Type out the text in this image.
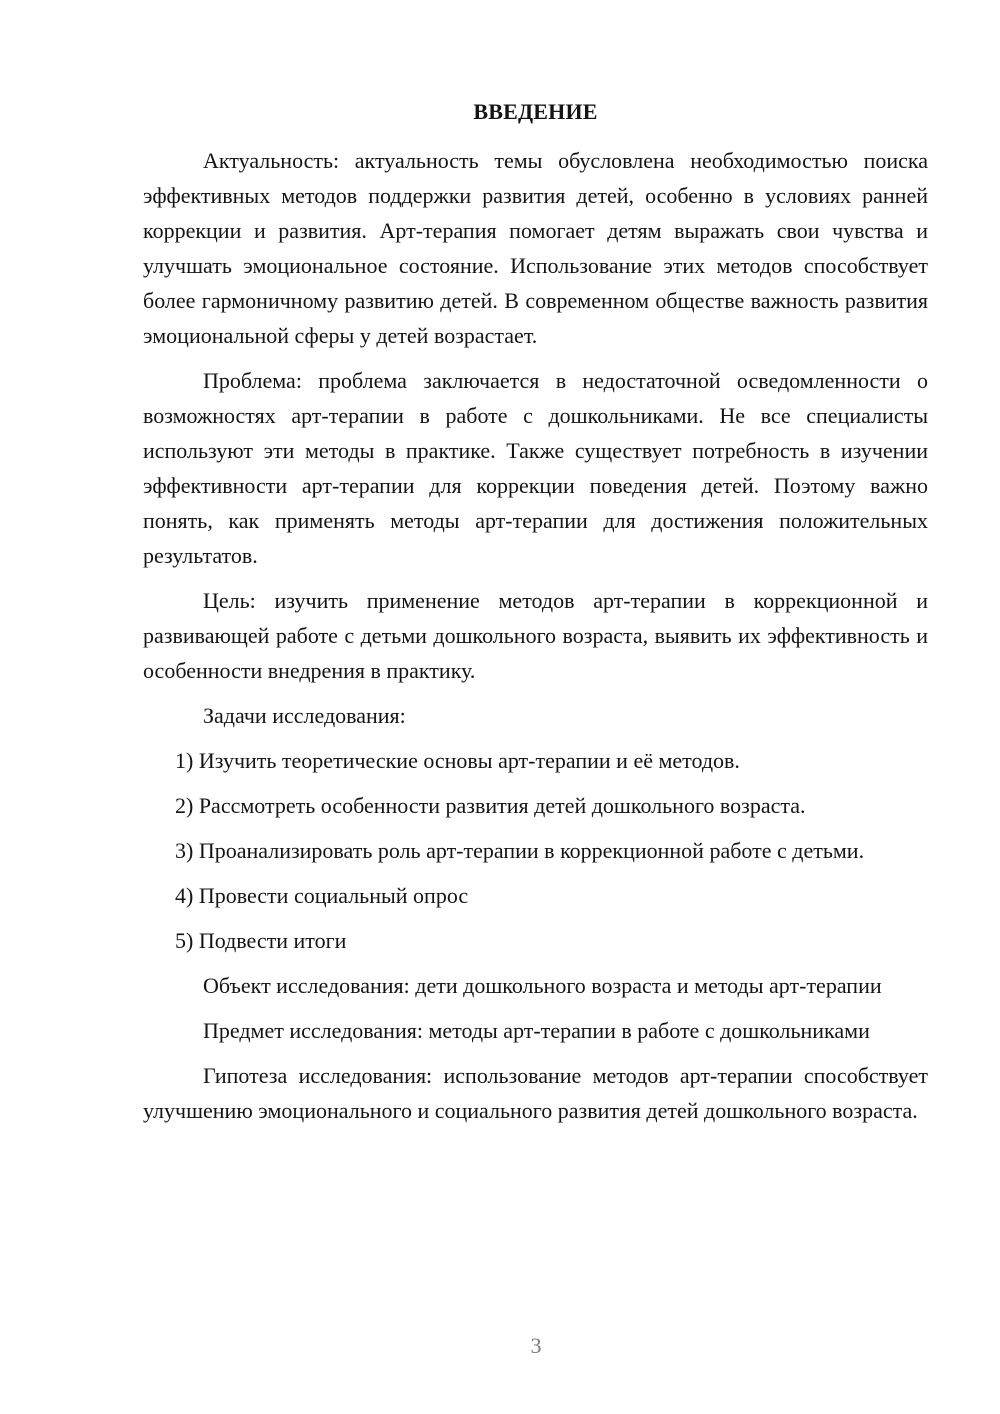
ВВЕДЕНИЕ

Актуальность: актуальность темы обусловлена необходимостью поиска эффективных методов поддержки развития детей, особенно в условиях ранней коррекции и развития. Арт-терапия помогает детям выражать свои чувства и улучшать эмоциональное состояние. Использование этих методов способствует более гармоничному развитию детей. В современном обществе важность развития эмоциональной сферы у детей возрастает.

Проблема: проблема заключается в недостаточной осведомленности о возможностях арт-терапии в работе с дошкольниками. Не все специалисты используют эти методы в практике. Также существует потребность в изучении эффективности арт-терапии для коррекции поведения детей. Поэтому важно понять, как применять методы арт-терапии для достижения положительных результатов.

Цель: изучить применение методов арт-терапии в коррекционной и развивающей работе с детьми дошкольного возраста, выявить их эффективность и особенности внедрения в практику.

Задачи исследования:

1) Изучить теоретические основы арт-терапии и её методов.

2) Рассмотреть особенности развития детей дошкольного возраста.

3) Проанализировать роль арт-терапии в коррекционной работе с детьми.

4) Провести социальный опрос

5) Подвести итоги

Объект исследования: дети дошкольного возраста и методы арт-терапии

Предмет исследования: методы арт-терапии в работе с дошкольниками

Гипотеза исследования: использование методов арт-терапии способствует улучшению эмоционального и социального развития детей дошкольного возраста.

3
